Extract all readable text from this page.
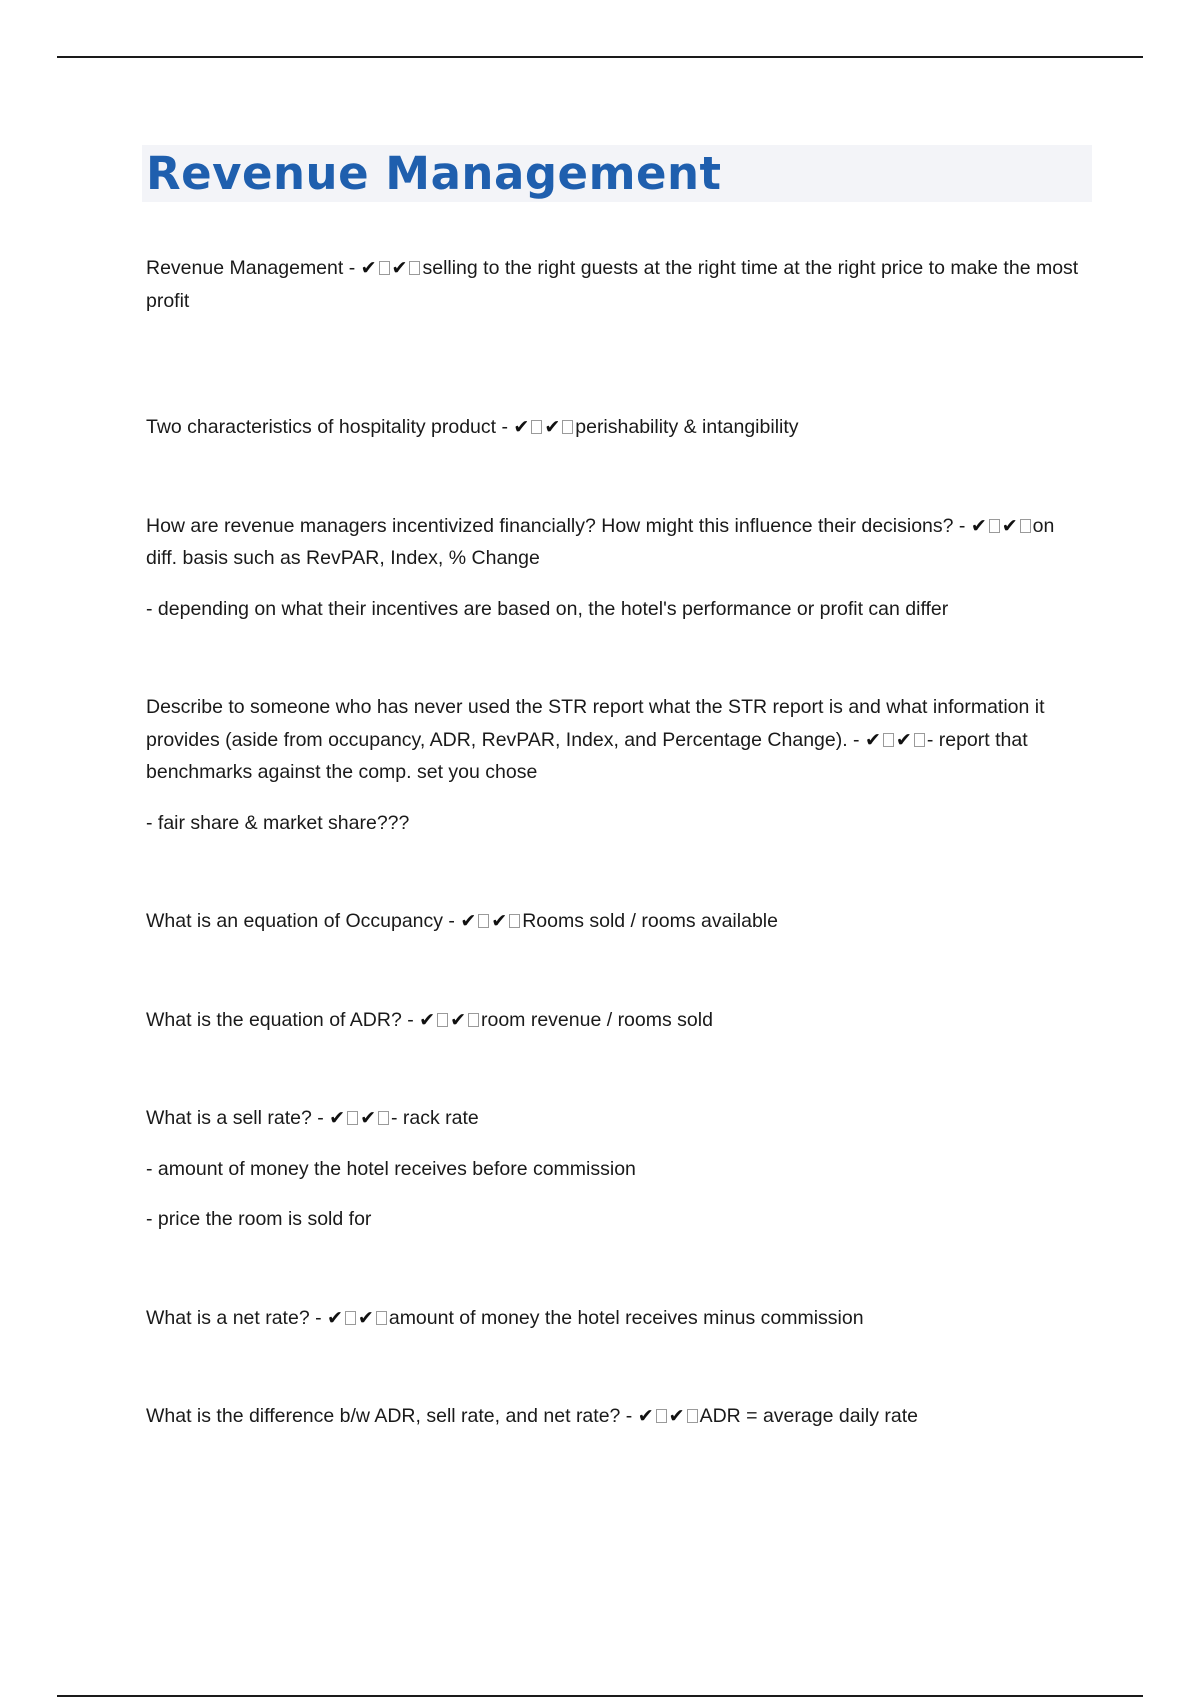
Revenue Management

Revenue Management - ✔ ✔ selling to the right guests at the right time at the right price to make the most profit

Two characteristics of hospitality product - ✔ ✔ perishability & intangibility

How are revenue managers incentivized financially? How might this influence their decisions? - ✔ ✔ on diff. basis such as RevPAR, Index, % Change

- depending on what their incentives are based on, the hotel's performance or profit can differ

Describe to someone who has never used the STR report what the STR report is and what information it provides (aside from occupancy, ADR, RevPAR, Index, and Percentage Change). - ✔ ✔ - report that benchmarks against the comp. set you chose

- fair share & market share???

What is an equation of Occupancy - ✔ ✔ Rooms sold / rooms available

What is the equation of ADR? - ✔ ✔ room revenue / rooms sold

What is a sell rate? - ✔ ✔ - rack rate

- amount of money the hotel receives before commission

- price the room is sold for

What is a net rate? - ✔ ✔ amount of money the hotel receives minus commission

What is the difference b/w ADR, sell rate, and net rate? - ✔ ✔ ADR = average daily rate
